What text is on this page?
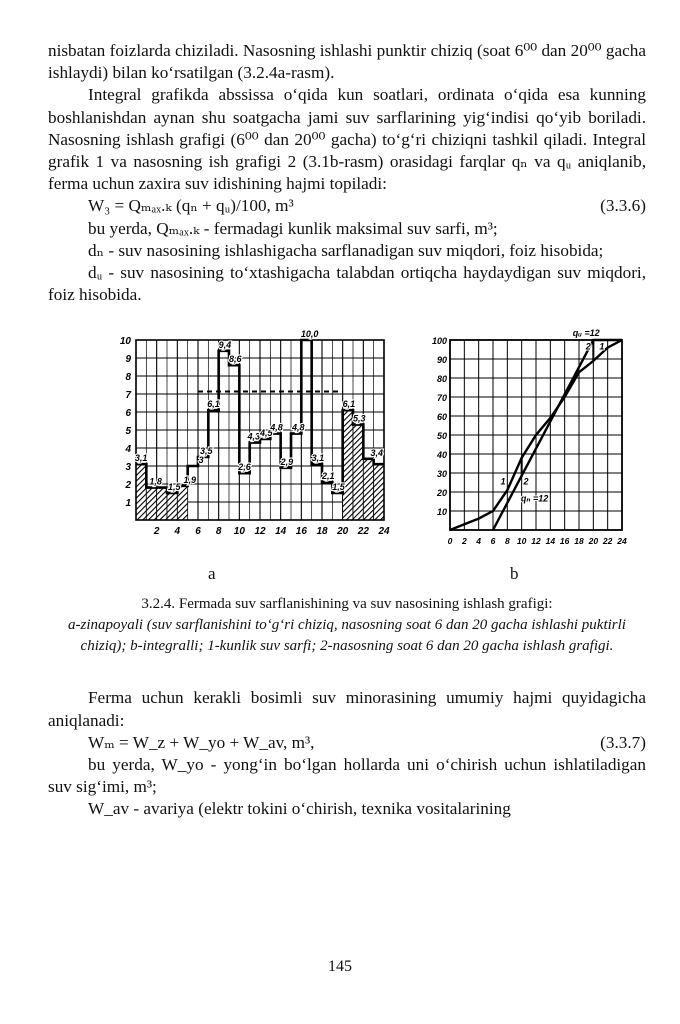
nisbatan foizlarda chiziladi. Nasosning ishlashi punktir chiziq (soat 6⁰⁰ dan 20⁰⁰ gacha ishlaydi) bilan ko‘rsatilgan (3.2.4a-rasm).

Integral grafikda abssissa o‘qida kun soatlari, ordinata o‘qida esa kunning boshlanishdan aynan shu soatgacha jami suv sarflarining yig‘indisi qo‘yib boriladi. Nasosning ishlash grafigi (6⁰⁰ dan 20⁰⁰ gacha) to‘g‘ri chiziqni tashkil qiladi. Integral grafik 1 va nasosning ish grafigi 2 (3.1b-rasm) orasidagi farqlar qₙ va qᵤ aniqlanib, ferma uchun zaxira suv idishining hajmi topiladi:

W₃ = Qₘₐₓ.ₖ (qₙ + qᵤ)/100, m³	(3.3.6)

bu yerda, Qₘₐₓ.ₖ - fermadagi kunlik maksimal suv sarfi, m³;

dₙ - suv nasosining ishlashigacha sarflanadigan suv miqdori, foiz hisobida;

dᵤ - suv nasosining to‘xtashigacha talabdan ortiqcha haydaydigan suv miqdori, foiz hisobida.

3,1
1,8
1,5
1,9
3
3,5
6,1
9,4
8,6
2,6
4,3 4,5
4,8
2,9
4,8
10,0
3,1
2,1
1,5
6,1
5,3
3,4
1
2
3
4
5
6
7
8
9
10
2 4 6 8 10 12 14 16 18 20 22 24
qᵤ =12
qₙ =12
1 2
1
2
10
20
30
40
50
60
70
80
90
100
0 2 4 6 8 10 12 14 16 18 20 22 24
a	b
3.2.4. Fermada suv sarflanishining va suv nasosining ishlash grafigi:
a-zinapoyali (suv sarflanishini to‘g‘ri chiziq, nasosning soat 6 dan 20 gacha ishlashi puktirli chiziq); b-integralli; 1-kunlik suv sarfi; 2-nasosning soat 6 dan 20 gacha ishlash grafigi.

Ferma uchun kerakli bosimli suv minorasining umumiy hajmi quyidagicha aniqlanadi:

Wₘ = W_z + W_yo + W_av, m³,	(3.3.7)

bu yerda, W_yo - yong‘in bo‘lgan hollarda uni o‘chirish uchun ishlatiladigan suv sig‘imi, m³;

W_av - avariya (elektr tokini o‘chirish, texnika vositalarining

145
